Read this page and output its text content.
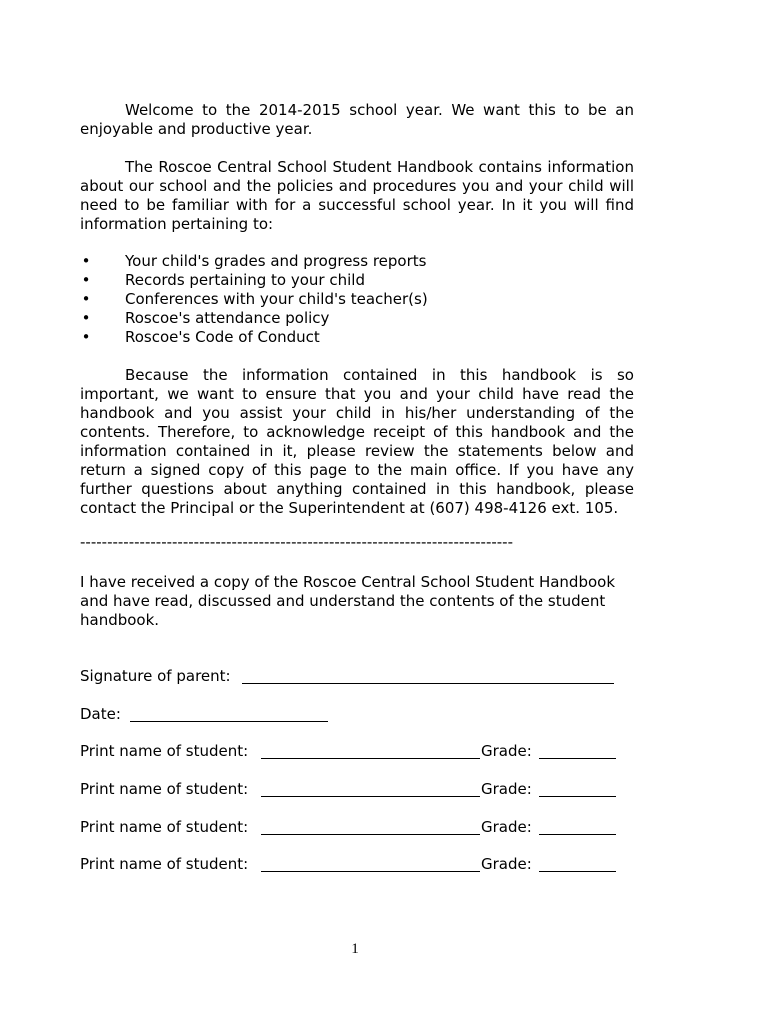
Welcome to the 2014-2015 school year. We want this to be an enjoyable and productive year.

The Roscoe Central School Student Handbook contains information about our school and the policies and procedures you and your child will need to be familiar with for a successful school year. In it you will find information pertaining to:

• Your child's grades and progress reports
• Records pertaining to your child
• Conferences with your child's teacher(s)
• Roscoe's attendance policy
• Roscoe's Code of Conduct

Because the information contained in this handbook is so important, we want to ensure that you and your child have read the handbook and you assist your child in his/her understanding of the contents. Therefore, to acknowledge receipt of this handbook and the information contained in it, please review the statements below and return a signed copy of this page to the main office. If you have any further questions about anything contained in this handbook, please contact the Principal or the Superintendent at (607) 498-4126 ext. 105.

--------------------------------------------------------------------------------

I have received a copy of the Roscoe Central School Student Handbook and have read, discussed and understand the contents of the student handbook.

Signature of parent:
Date:
Print name of student:	Grade:
Print name of student:	Grade:
Print name of student:	Grade:
Print name of student:	Grade:
1
